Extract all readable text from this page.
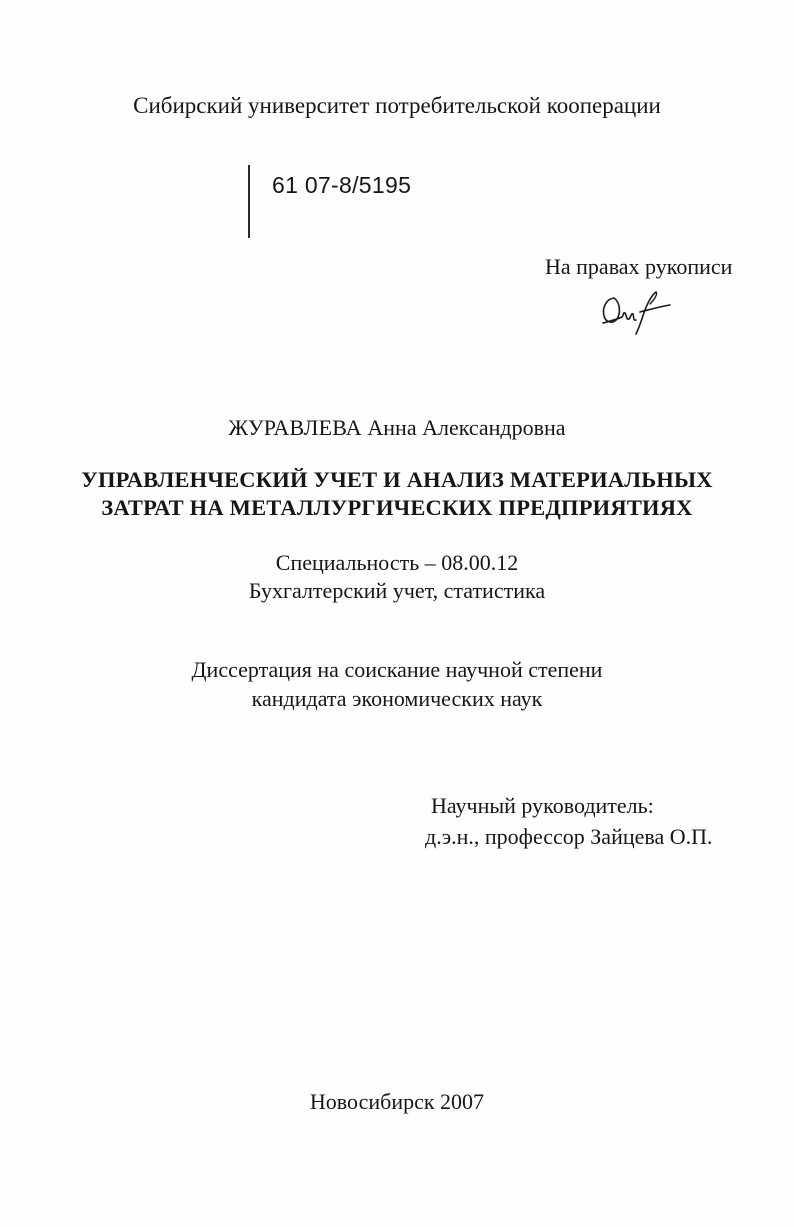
Сибирский университет потребительской кооперации

61 07-8/5195

На правах рукописи

ЖУРАВЛЕВА Анна Александровна

УПРАВЛЕНЧЕСКИЙ УЧЕТ И АНАЛИЗ МАТЕРИАЛЬНЫХ

ЗАТРАТ НА МЕТАЛЛУРГИЧЕСКИХ ПРЕДПРИЯТИЯХ

Специальность – 08.00.12

Бухгалтерский учет, статистика

Диссертация на соискание научной степени

кандидата экономических наук

Научный руководитель:

д.э.н., профессор Зайцева О.П.

Новосибирск 2007
